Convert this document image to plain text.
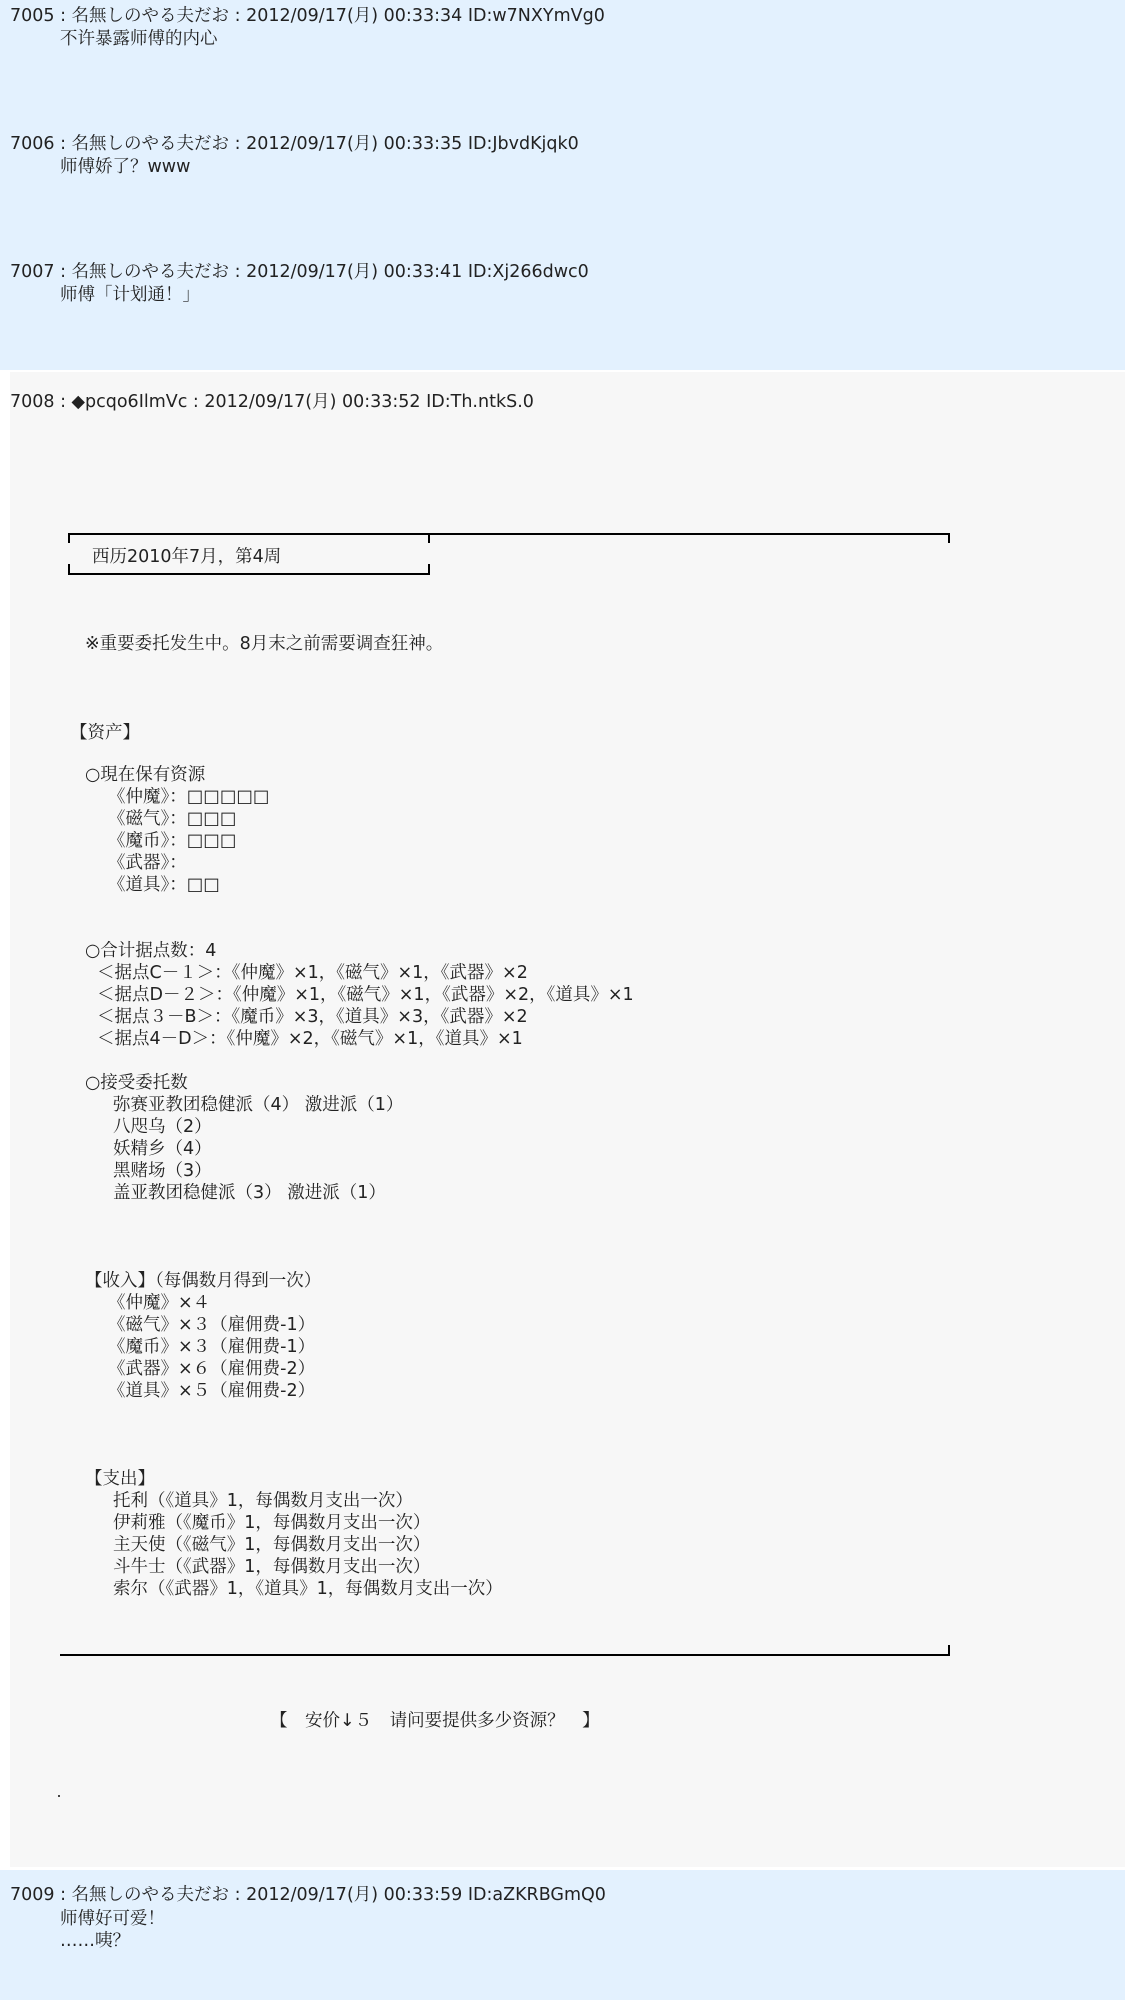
7005 : 名無しのやる夫だお : 2012/09/17(月) 00:33:34 ID:w7NXYmVg0
不许暴露师傅的内心
7006 : 名無しのやる夫だお : 2012/09/17(月) 00:33:35 ID:JbvdKjqk0
师傅娇了？www
7007 : 名無しのやる夫だお : 2012/09/17(月) 00:33:41 ID:Xj266dwc0
师傅「计划通！」
7008 : ◆pcqo6IlmVc : 2012/09/17(月) 00:33:52 ID:Th.ntkS.0
西历2010年7月，第4周
※重要委托发生中。8月末之前需要调查狂神。
【资产】
○現在保有资源
《仲魔》：□□□□□
《磁气》：□□□
《魔币》：□□□
《武器》：
《道具》：□□
○合计据点数：4
＜据点C－１＞：《仲魔》×1，《磁气》×1，《武器》×2
＜据点D－２＞：《仲魔》×1，《磁气》×1，《武器》×2，《道具》×1
＜据点３－B＞：《魔币》×3，《道具》×3，《武器》×2
＜据点4－D＞：《仲魔》×2，《磁气》×1，《道具》×1
○接受委托数
弥赛亚教团稳健派（4） 激进派（1）
八咫乌（2）
妖精乡（4）
黑赌场（3）
盖亚教团稳健派（3） 激进派（1）
【收入】（每偶数月得到一次）
《仲魔》×４
《磁气》×３（雇佣费-1）
《魔币》×３（雇佣费-1）
《武器》×６（雇佣费-2）
《道具》×５（雇佣费-2）
【支出】
托利（《道具》1，每偶数月支出一次）
伊莉雅（《魔币》1，每偶数月支出一次）
主天使（《磁气》1，每偶数月支出一次）
斗牛士（《武器》1，每偶数月支出一次）
索尔（《武器》1，《道具》1，每偶数月支出一次）
【　安价↓５　请问要提供多少资源？　】
7009 : 名無しのやる夫だお : 2012/09/17(月) 00:33:59 ID:aZKRBGmQ0
师傅好可爱！
……咦？
